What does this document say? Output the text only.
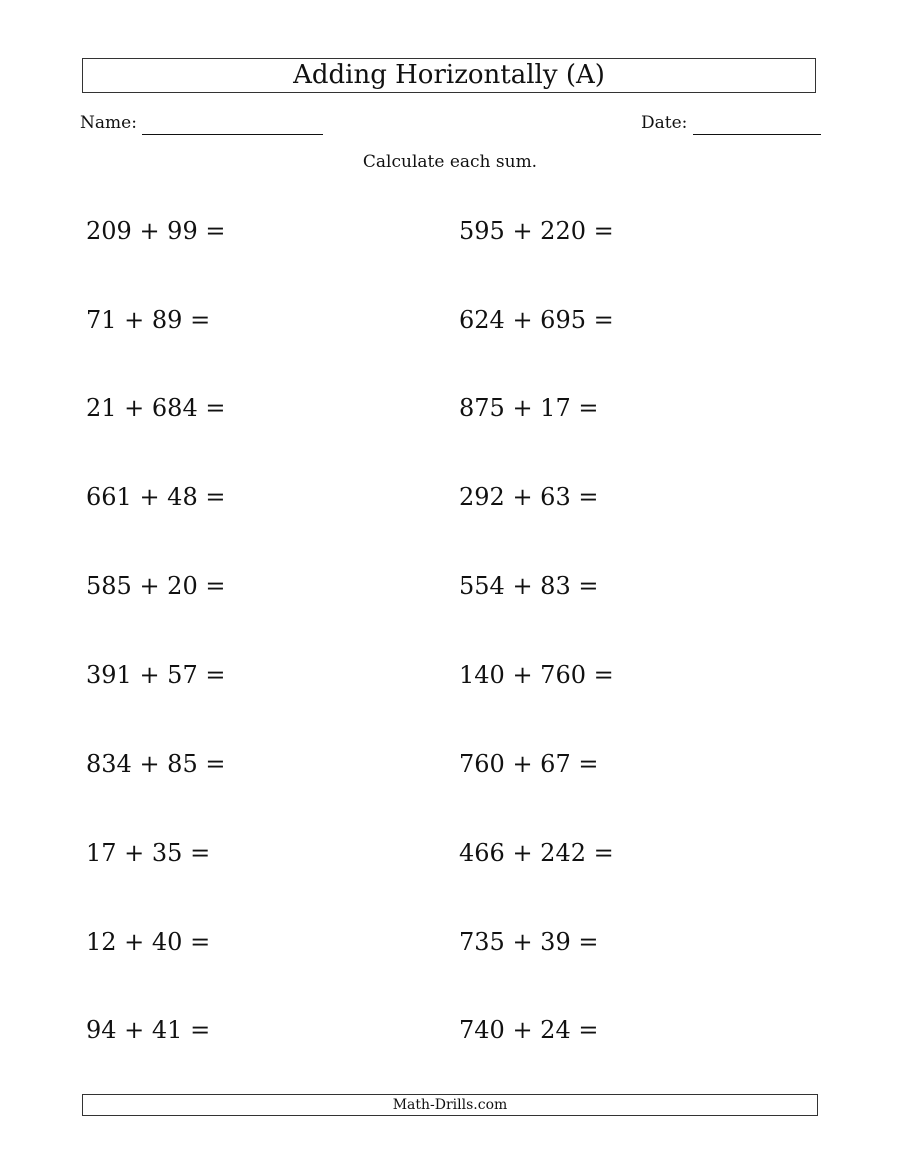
Adding Horizontally (A)
Name:	Date:
Calculate each sum.
209 + 99 =
71 + 89 =
21 + 684 =
661 + 48 =
585 + 20 =
391 + 57 =
834 + 85 =
17 + 35 =
12 + 40 =
94 + 41 =
595 + 220 =
624 + 695 =
875 + 17 =
292 + 63 =
554 + 83 =
140 + 760 =
760 + 67 =
466 + 242 =
735 + 39 =
740 + 24 =
Math-Drills.com
